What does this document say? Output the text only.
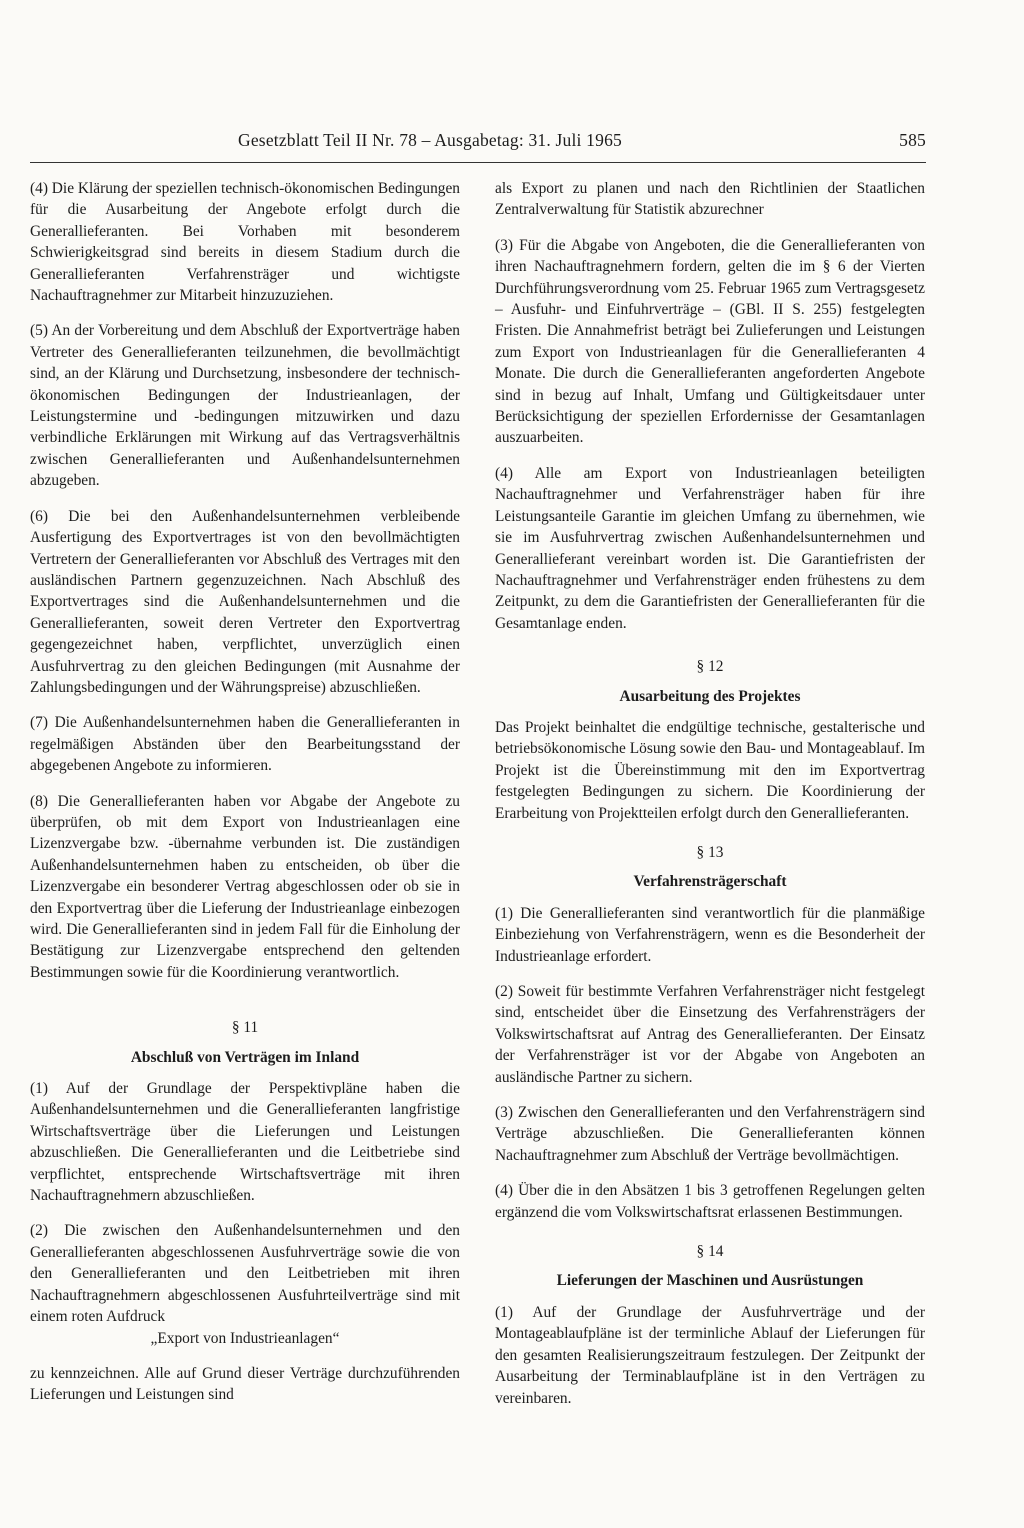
Gesetzblatt Teil II Nr. 78 – Ausgabetag: 31. Juli 1965	585

(4) Die Klärung der speziellen technisch-ökonomischen Bedingungen für die Ausarbeitung der Angebote erfolgt durch die Generallieferanten. Bei Vorhaben mit besonderem Schwierigkeitsgrad sind bereits in diesem Stadium durch die Generallieferanten Verfahrensträger und wichtigste Nachauftragnehmer zur Mitarbeit hinzuzuziehen.

(5) An der Vorbereitung und dem Abschluß der Exportverträge haben Vertreter des Generallieferanten teilzunehmen, die bevollmächtigt sind, an der Klärung und Durchsetzung, insbesondere der technisch-ökonomischen Bedingungen der Industrieanlagen, der Leistungstermine und -bedingungen mitzuwirken und dazu verbindliche Erklärungen mit Wirkung auf das Vertragsverhältnis zwischen Generallieferanten und Außenhandelsunternehmen abzugeben.

(6) Die bei den Außenhandelsunternehmen verbleibende Ausfertigung des Exportvertrages ist von den bevollmächtigten Vertretern der Generallieferanten vor Abschluß des Vertrages mit den ausländischen Partnern gegenzuzeichnen. Nach Abschluß des Exportvertrages sind die Außenhandelsunternehmen und die Generallieferanten, soweit deren Vertreter den Exportvertrag gegengezeichnet haben, verpflichtet, unverzüglich einen Ausfuhrvertrag zu den gleichen Bedingungen (mit Ausnahme der Zahlungsbedingungen und der Währungspreise) abzuschließen.

(7) Die Außenhandelsunternehmen haben die Generallieferanten in regelmäßigen Abständen über den Bearbeitungsstand der abgegebenen Angebote zu informieren.

(8) Die Generallieferanten haben vor Abgabe der Angebote zu überprüfen, ob mit dem Export von Industrieanlagen eine Lizenzvergabe bzw. -übernahme verbunden ist. Die zuständigen Außenhandelsunternehmen haben zu entscheiden, ob über die Lizenzvergabe ein besonderer Vertrag abgeschlossen oder ob sie in den Exportvertrag über die Lieferung der Industrieanlage einbezogen wird. Die Generallieferanten sind in jedem Fall für die Einholung der Bestätigung zur Lizenzvergabe entsprechend den geltenden Bestimmungen sowie für die Koordinierung verantwortlich.

§ 11
Abschluß von Verträgen im Inland

(1) Auf der Grundlage der Perspektivpläne haben die Außenhandelsunternehmen und die Generallieferanten langfristige Wirtschaftsverträge über die Lieferungen und Leistungen abzuschließen. Die Generallieferanten und die Leitbetriebe sind verpflichtet, entsprechende Wirtschaftsverträge mit ihren Nachauftragnehmern abzuschließen.

(2) Die zwischen den Außenhandelsunternehmen und den Generallieferanten abgeschlossenen Ausfuhrverträge sowie die von den Generallieferanten und den Leitbetrieben mit ihren Nachauftragnehmern abgeschlossenen Ausfuhrteilverträge sind mit einem roten Aufdruck

„Export von Industrieanlagen“

zu kennzeichnen. Alle auf Grund dieser Verträge durchzuführenden Lieferungen und Leistungen sind

als Export zu planen und nach den Richtlinien der Staatlichen Zentralverwaltung für Statistik abzurechner

(3) Für die Abgabe von Angeboten, die die Generallieferanten von ihren Nachauftragnehmern fordern, gelten die im § 6 der Vierten Durchführungsverordnung vom 25. Februar 1965 zum Vertragsgesetz – Ausfuhr- und Einfuhrverträge – (GBl. II S. 255) festgelegten Fristen. Die Annahmefrist beträgt bei Zulieferungen und Leistungen zum Export von Industrieanlagen für die Generallieferanten 4 Monate. Die durch die Generallieferanten angeforderten Angebote sind in bezug auf Inhalt, Umfang und Gültigkeitsdauer unter Berücksichtigung der speziellen Erfordernisse der Gesamtanlagen auszuarbeiten.

(4) Alle am Export von Industrieanlagen beteiligten Nachauftragnehmer und Verfahrensträger haben für ihre Leistungsanteile Garantie im gleichen Umfang zu übernehmen, wie sie im Ausfuhrvertrag zwischen Außenhandelsunternehmen und Generallieferant vereinbart worden ist. Die Garantiefristen der Nachauftragnehmer und Verfahrensträger enden frühestens zu dem Zeitpunkt, zu dem die Garantiefristen der Generallieferanten für die Gesamtanlage enden.

§ 12
Ausarbeitung des Projektes

Das Projekt beinhaltet die endgültige technische, gestalterische und betriebsökonomische Lösung sowie den Bau- und Montageablauf. Im Projekt ist die Übereinstimmung mit den im Exportvertrag festgelegten Bedingungen zu sichern. Die Koordinierung der Erarbeitung von Projektteilen erfolgt durch den Generallieferanten.

§ 13
Verfahrensträgerschaft

(1) Die Generallieferanten sind verantwortlich für die planmäßige Einbeziehung von Verfahrensträgern, wenn es die Besonderheit der Industrieanlage erfordert.

(2) Soweit für bestimmte Verfahren Verfahrensträger nicht festgelegt sind, entscheidet über die Einsetzung des Verfahrensträgers der Volkswirtschaftsrat auf Antrag des Generallieferanten. Der Einsatz der Verfahrensträger ist vor der Abgabe von Angeboten an ausländische Partner zu sichern.

(3) Zwischen den Generallieferanten und den Verfahrensträgern sind Verträge abzuschließen. Die Generallieferanten können Nachauftragnehmer zum Abschluß der Verträge bevollmächtigen.

(4) Über die in den Absätzen 1 bis 3 getroffenen Regelungen gelten ergänzend die vom Volkswirtschaftsrat erlassenen Bestimmungen.

§ 14
Lieferungen der Maschinen und Ausrüstungen

(1) Auf der Grundlage der Ausfuhrverträge und der Montageablaufpläne ist der terminliche Ablauf der Lieferungen für den gesamten Realisierungszeitraum festzulegen. Der Zeitpunkt der Ausarbeitung der Terminablaufpläne ist in den Verträgen zu vereinbaren.
